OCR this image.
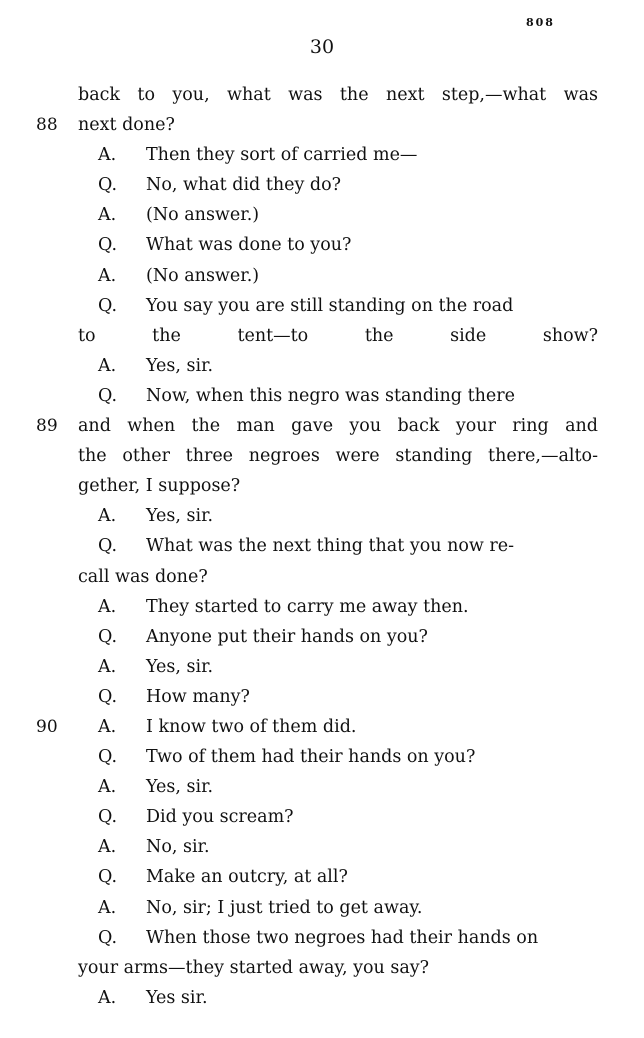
808
30
back to you, what was the next step,—what was
88 next done?
A.	Then they sort of carried me—
Q.	No, what did they do?
A.	(No answer.)
Q.	What was done to you?
A.	(No answer.)
Q.	You say you are still standing on the road
to the tent—to the side show?
A.	Yes, sir.
Q.	Now, when this negro was standing there
89 and when the man gave you back your ring and
the other three negroes were standing there,—alto-
gether, I suppose?
A.	Yes, sir.
Q.	What was the next thing that you now re-
call was done?
A.	They started to carry me away then.
Q.	Anyone put their hands on you?
A.	Yes, sir.
Q.	How many?
90 A.	I know two of them did.
Q.	Two of them had their hands on you?
A.	Yes, sir.
Q.	Did you scream?
A.	No, sir.
Q.	Make an outcry, at all?
A.	No, sir; I just tried to get away.
Q.	When those two negroes had their hands on
your arms—they started away, you say?
A.	Yes sir.
